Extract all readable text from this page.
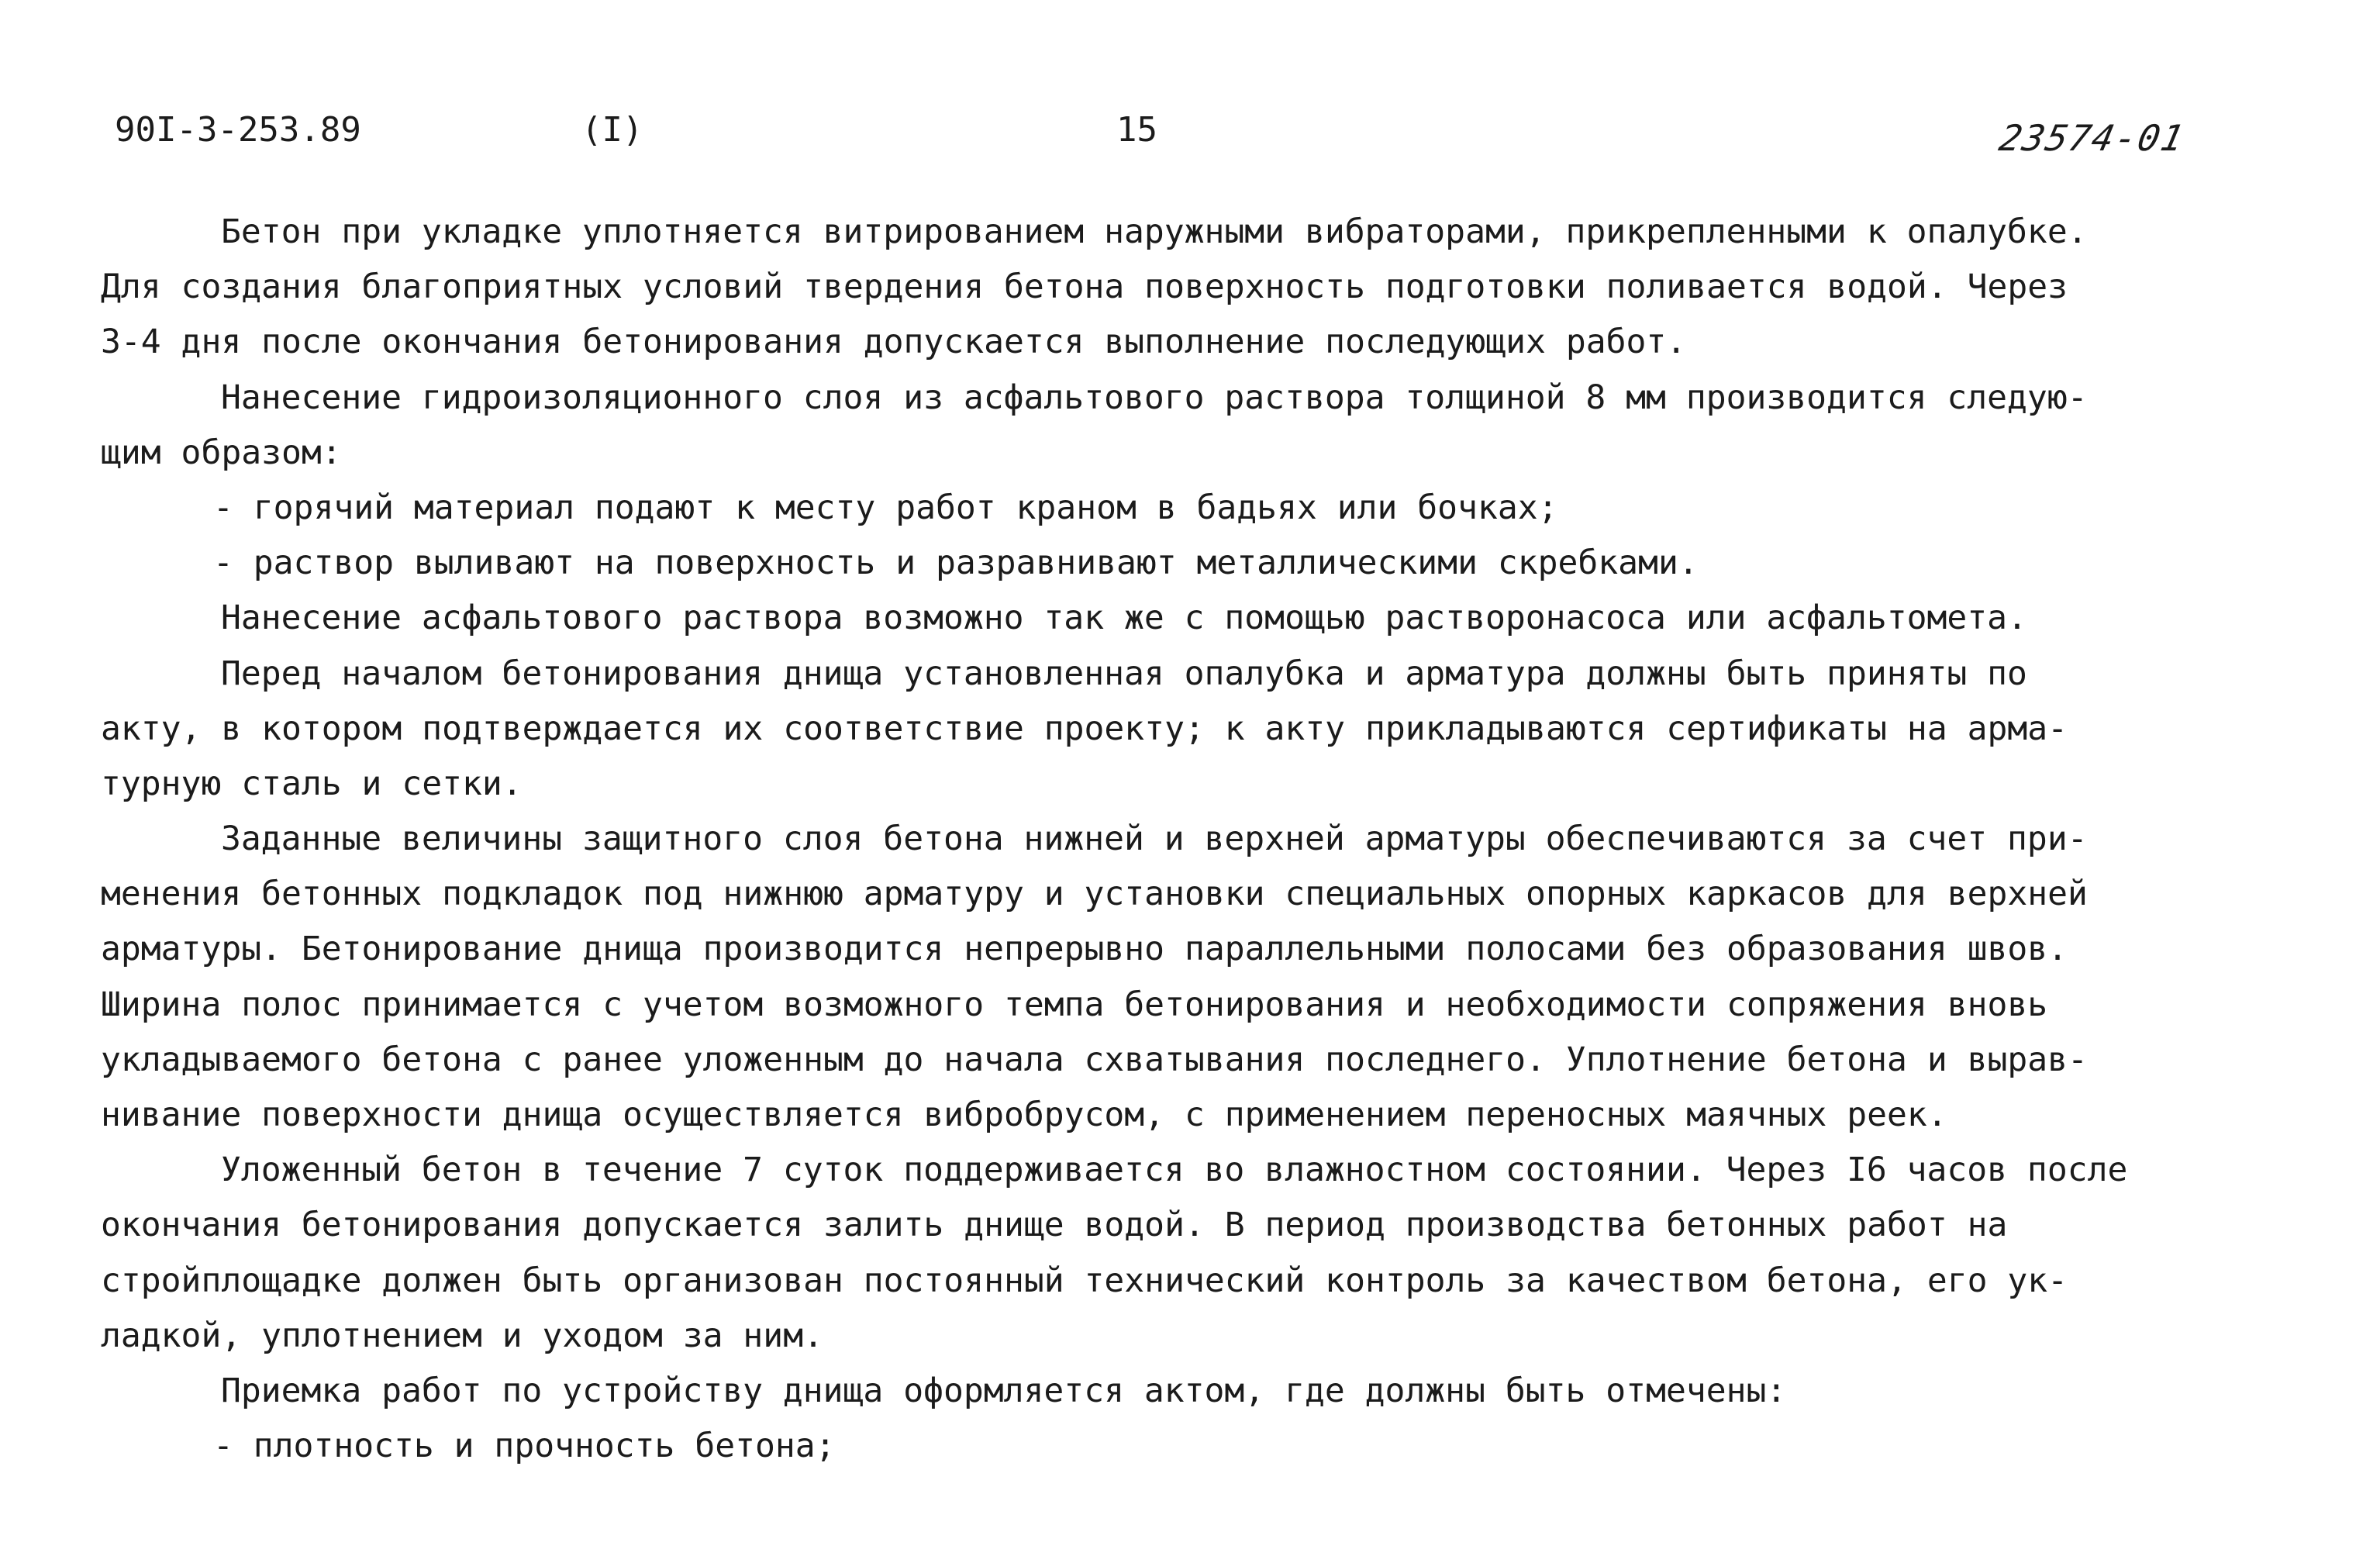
90I-3-253.89	(I)	15	23574-01
Бетон при укладке уплотняется витрированием наружными вибраторами, прикрепленными к опалубке.
Для создания благоприятных условий твердения бетона поверхность подготовки поливается водой. Через
3-4 дня после окончания бетонирования допускается выполнение последующих работ.
Нанесение гидроизоляционного слоя из асфальтового раствора толщиной 8 мм производится следую-
щим образом:
- горячий материал подают к месту работ краном в бадьях или бочках;
- раствор выливают на поверхность и разравнивают металлическими скребками.
Нанесение асфальтового раствора возможно так же с помощью растворонасоса или асфальтомета.
Перед началом бетонирования днища установленная опалубка и арматура должны быть приняты по
акту, в котором подтверждается их соответствие проекту; к акту прикладываются сертификаты на арма-
турную сталь и сетки.
Заданные величины защитного слоя бетона нижней и верхней арматуры обеспечиваются за счет при-
менения бетонных подкладок под нижнюю арматуру и установки специальных опорных каркасов для верхней
арматуры. Бетонирование днища производится непрерывно параллельными полосами без образования швов.
Ширина полос принимается с учетом возможного темпа бетонирования и необходимости сопряжения вновь
укладываемого бетона с ранее уложенным до начала схватывания последнего. Уплотнение бетона и вырав-
нивание поверхности днища осуществляется вибробрусом, с применением переносных маячных реек.
Уложенный бетон в течение 7 суток поддерживается во влажностном состоянии. Через I6 часов после
окончания бетонирования допускается залить днище водой. В период производства бетонных работ на
стройплощадке должен быть организован постоянный технический контроль за качеством бетона, его ук-
ладкой, уплотнением и уходом за ним.
Приемка работ по устройству днища оформляется актом, где должны быть отмечены:
- плотность и прочность бетона;
